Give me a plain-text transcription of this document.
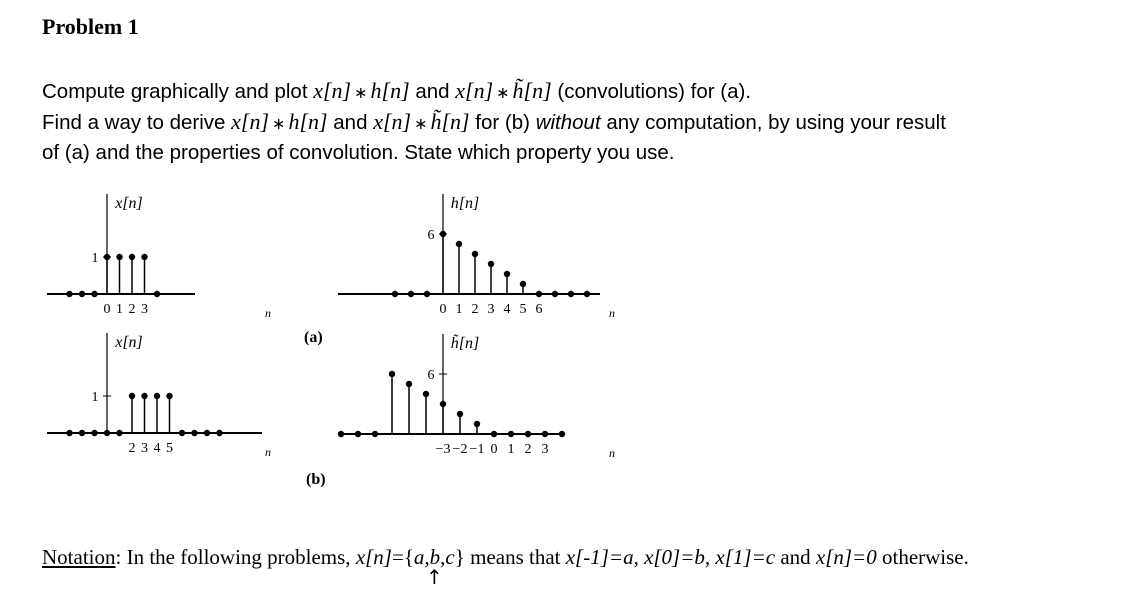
Problem 1
Compute graphically and plot x[n] ∗ h[n] and x[n] ∗ h̃[n] (convolutions) for (a).
Find a way to derive x[n] ∗ h[n] and x[n] ∗ h̃[n] for (b) without any computation, by using your result
of (a) and the properties of convolution. State which property you use.
(a)
(b)
x[n]
1
0 1 2 3	n
h[n]
6
0 1 2 3 4 5 6	n
x[n]
1
2 3 4 5	n
h̃[n]
6
−3 −2 −1 0 1 2 3	n
Notation: In the following problems, x[n]={a,b,c
↑
} means that x[-1]=a, x[0]=b, x[1]=c and x[n]=0 otherwise.
